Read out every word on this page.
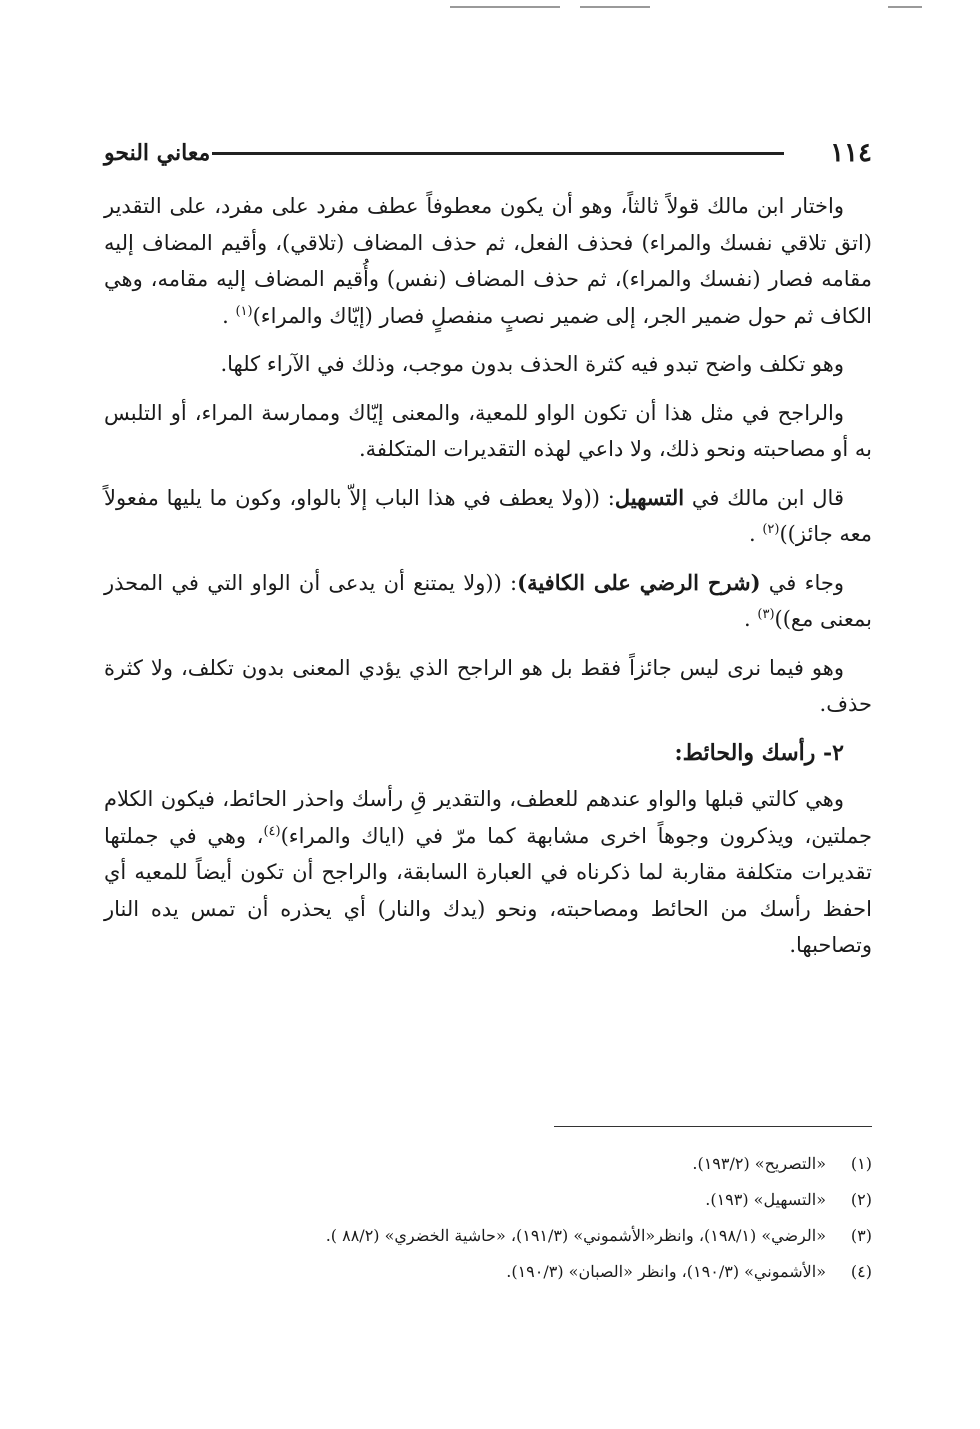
١١٤
معاني النحو

واختار ابن مالك قولاً ثالثاً، وهو أن يكون معطوفاً عطف مفرد على مفرد، على التقدير (اتق تلاقي نفسك والمراء) فحذف الفعل، ثم حذف المضاف (تلاقي)، وأقيم المضاف إليه مقامه فصار (نفسك والمراء)، ثم حذف المضاف (نفس) وأُقيم المضاف إليه مقامه، وهي الكاف ثم حول ضمير الجر، إلى ضمير نصبٍ منفصلٍ فصار (إيّاك والمراء)$^{(١)}$ .

وهو تكلف واضح تبدو فيه كثرة الحذف بدون موجب، وذلك في الآراء كلها.

والراجح في مثل هذا أن تكون الواو للمعية، والمعنى إيّاك وممارسة المراء، أو التلبس به أو مصاحبته ونحو ذلك، ولا داعي لهذه التقديرات المتكلفة.

قال ابن مالك في التسهيل: ((ولا يعطف في هذا الباب إلاّ بالواو، وكون ما يليها مفعولاً معه جائز))$^{(٢)}$ .

وجاء في (شرح الرضي على الكافية): ((ولا يمتنع أن يدعى أن الواو التي في المحذر بمعنى مع))$^{(٣)}$ .

وهو فيما نرى ليس جائزاً فقط بل هو الراجح الذي يؤدي المعنى بدون تكلف، ولا كثرة حذف.

٢- رأسك والحائط:

وهي كالتي قبلها والواو عندهم للعطف، والتقدير قِ رأسك واحذر الحائط، فيكون الكلام جملتين، ويذكرون وجوهاً اخرى مشابهة كما مرّ في (اياك والمراء)$^{(٤)}$، وهي في جملتها تقديرات متكلفة مقاربة لما ذكرناه في العبارة السابقة، والراجح أن تكون أيضاً للمعيه أي احفظ رأسك من الحائط ومصاحبته، ونحو (يدك والنار) أي يحذره أن تمس يده النار وتصاحبها.

(١)
«التصريح» (١٩٣/٢).
(٢)
«التسهيل» (١٩٣).
(٣)
«الرضي» (١٩٨/١)، وانظر«الأشموني» (١٩١/٣)، «حاشية الخضري» (٨٨/٢ ).
(٤)
«الأشموني» (١٩٠/٣)، وانظر «الصبان» (١٩٠/٣).
